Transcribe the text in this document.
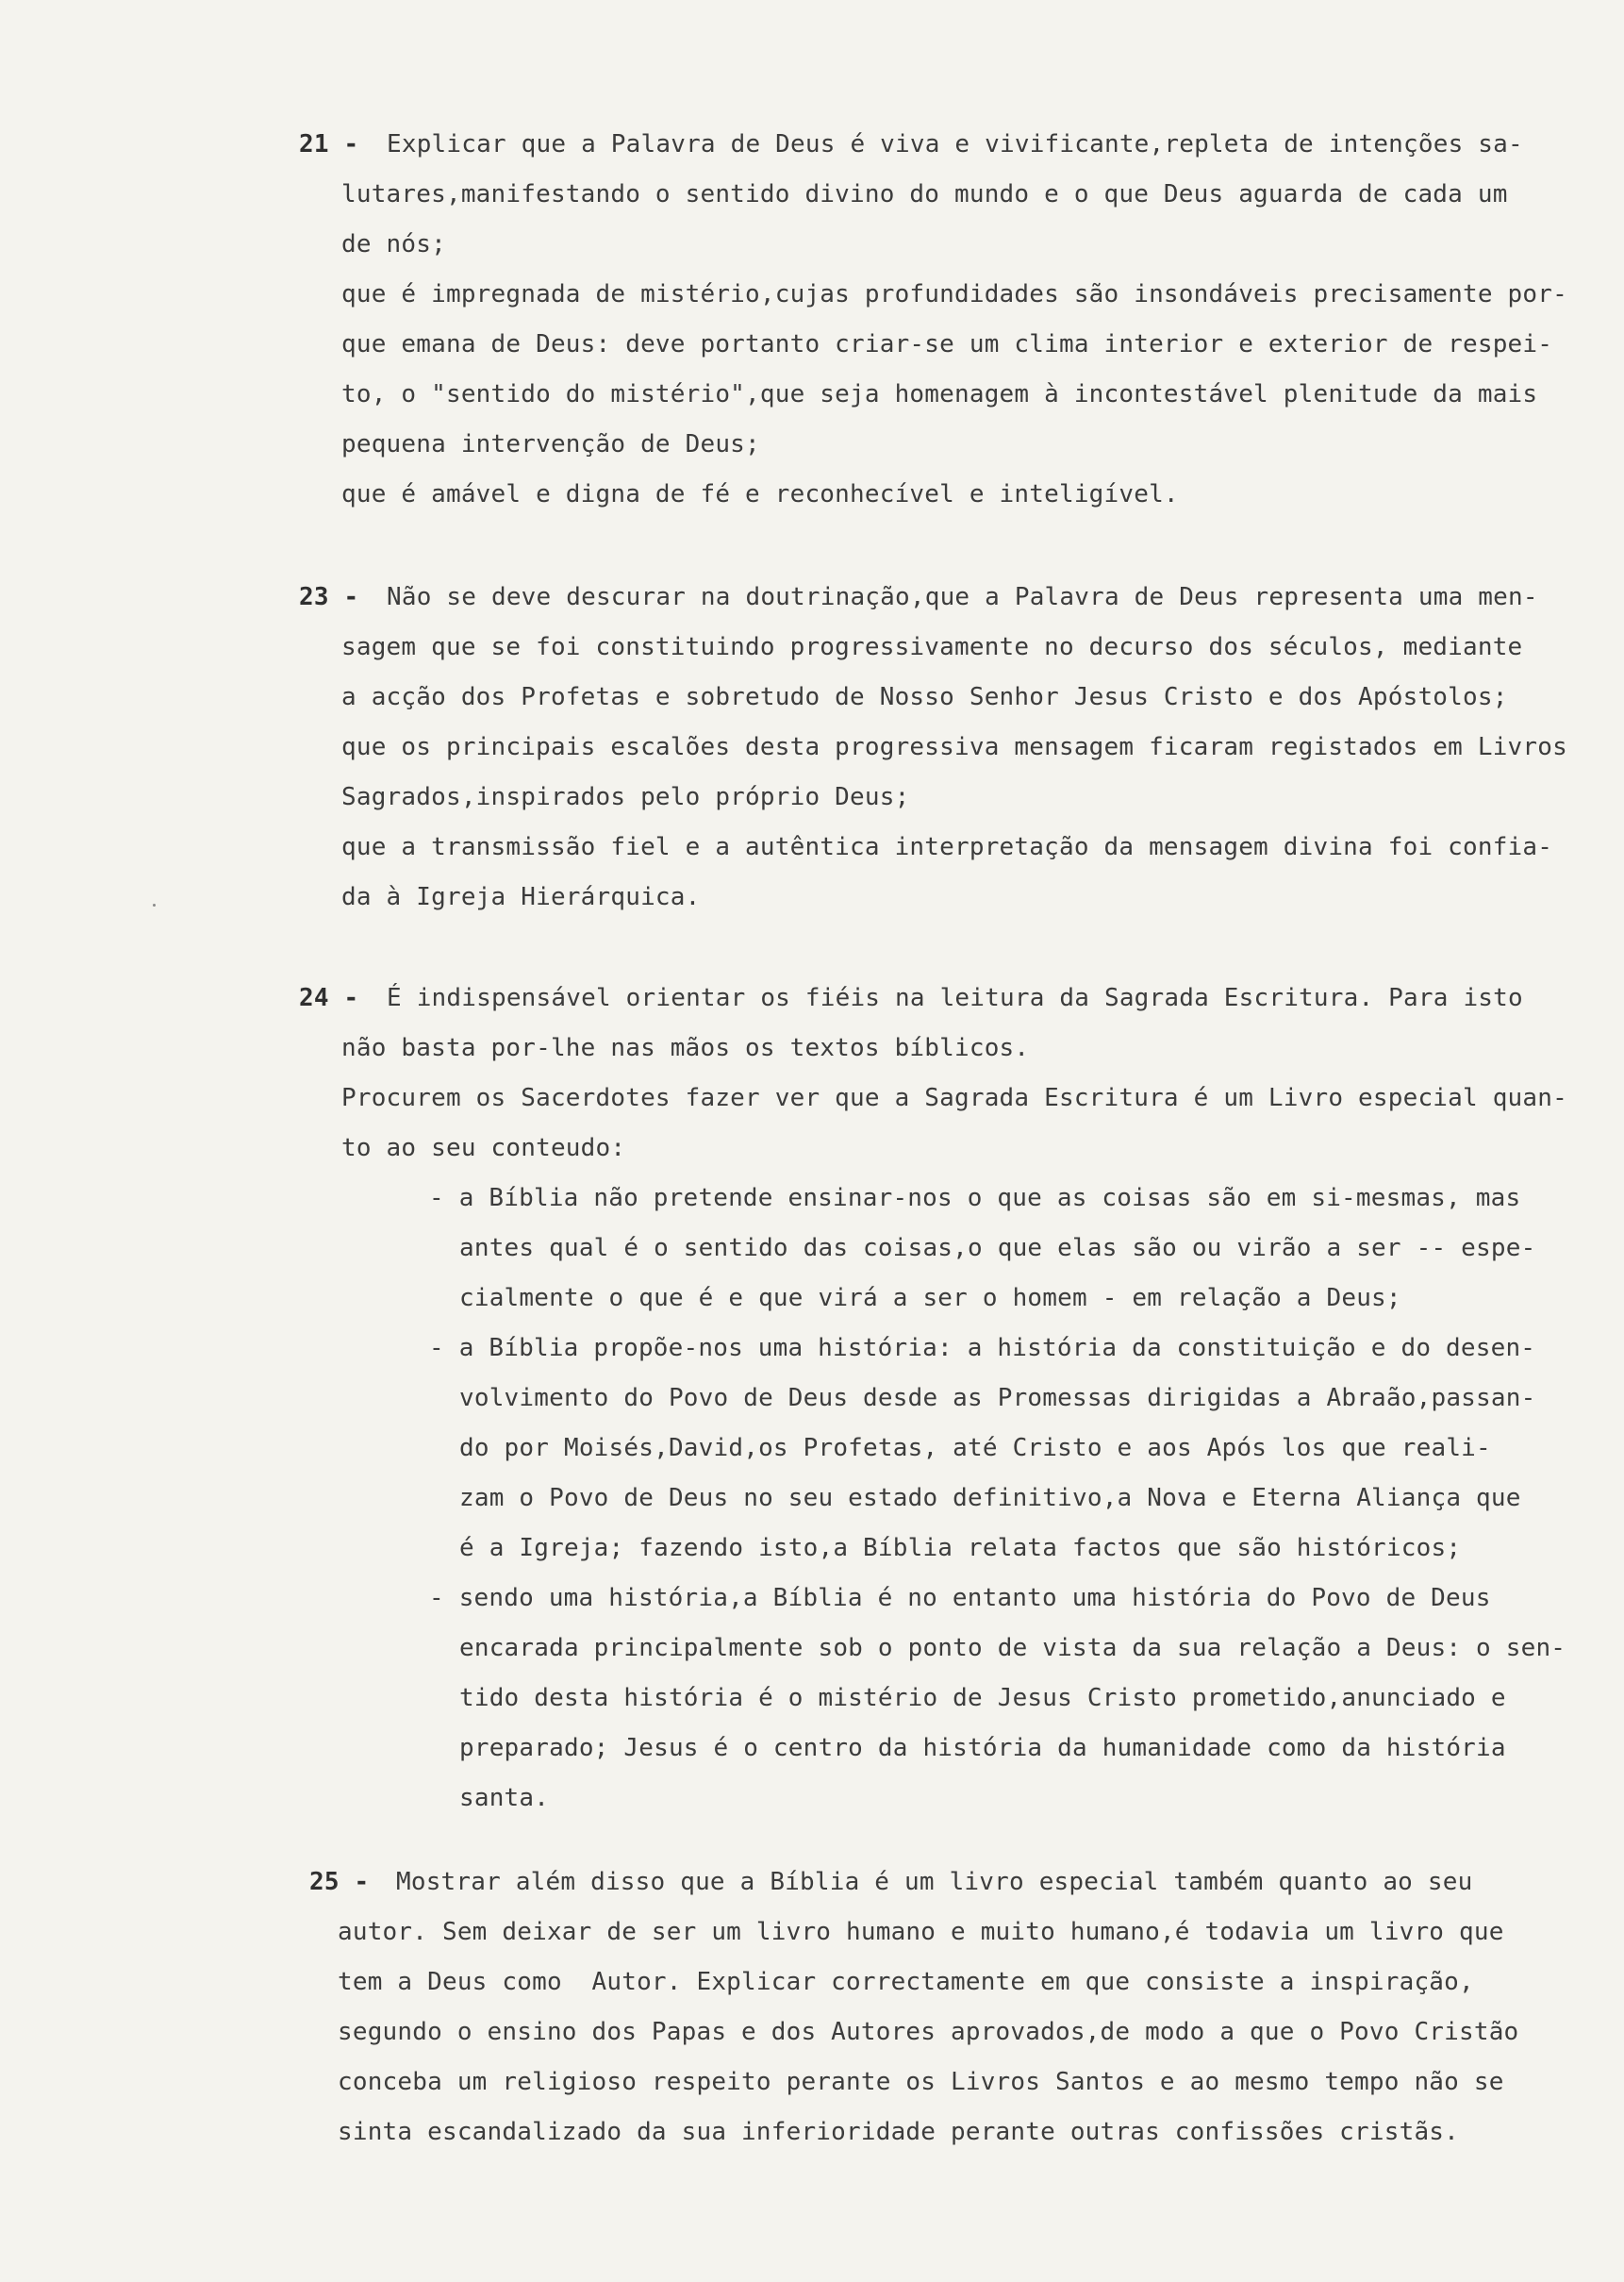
21 - Explicar que a Palavra de Deus é viva e vivificante,repleta de intenções sa-
lutares,manifestando o sentido divino do mundo e o que Deus aguarda de cada um
de nós;
que é impregnada de mistério,cujas profundidades são insondáveis precisamente por-
que emana de Deus: deve portanto criar-se um clima interior e exterior de respei-
to, o "sentido do mistério",que seja homenagem à incontestável plenitude da mais
pequena intervenção de Deus;
que é amável e digna de fé e reconhecível e inteligível.
23 - Não se deve descurar na doutrinação,que a Palavra de Deus representa uma men-
sagem que se foi constituindo progressivamente no decurso dos séculos, mediante
a acção dos Profetas e sobretudo de Nosso Senhor Jesus Cristo e dos Apóstolos;
que os principais escalões desta progressiva mensagem ficaram registados em Livros
Sagrados,inspirados pelo próprio Deus;
que a transmissão fiel e a autêntica interpretação da mensagem divina foi confia-
da à Igreja Hierárquica.
24 - É indispensável orientar os fiéis na leitura da Sagrada Escritura. Para isto
não basta por-lhe nas mãos os textos bíblicos.
Procurem os Sacerdotes fazer ver que a Sagrada Escritura é um Livro especial quan-
to ao seu conteudo:
- a Bíblia não pretende ensinar-nos o que as coisas são em si-mesmas, mas
antes qual é o sentido das coisas,o que elas são ou virão a ser -- espe-
cialmente o que é e que virá a ser o homem - em relação a Deus;
- a Bíblia propõe-nos uma história: a história da constituição e do desen-
volvimento do Povo de Deus desde as Promessas dirigidas a Abraão,passan-
do por Moisés,David,os Profetas, até Cristo e aos Após los que reali-
zam o Povo de Deus no seu estado definitivo,a Nova e Eterna Aliança que
é a Igreja; fazendo isto,a Bíblia relata factos que são históricos;
- sendo uma história,a Bíblia é no entanto uma história do Povo de Deus
encarada principalmente sob o ponto de vista da sua relação a Deus: o sen-
tido desta história é o mistério de Jesus Cristo prometido,anunciado e
preparado; Jesus é o centro da história da humanidade como da história
santa.
25 - Mostrar além disso que a Bíblia é um livro especial também quanto ao seu
autor. Sem deixar de ser um livro humano e muito humano,é todavia um livro que
tem a Deus como  Autor. Explicar correctamente em que consiste a inspiração,
segundo o ensino dos Papas e dos Autores aprovados,de modo a que o Povo Cristão
conceba um religioso respeito perante os Livros Santos e ao mesmo tempo não se
sinta escandalizado da sua inferioridade perante outras confissões cristãs.
